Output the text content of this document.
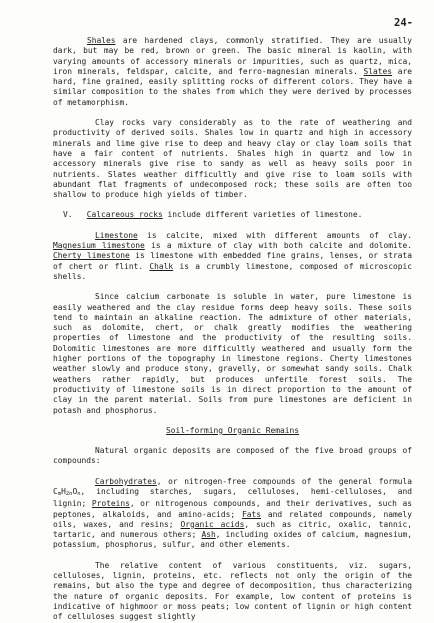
24-

Shales are hardened clays, commonly stratified. They are usually dark, but may be red, brown or green. The basic mineral is kaolin, with varying amounts of accessory minerals or impurities, such as quartz, mica, iron minerals, feldspar, calcite, and ferro-magnesian minerals. Slates are hard, fine grained, easily splitting rocks of different colors. They have a similar composition to the shales from which they were derived by processes of metamorphism.

Clay rocks vary considerably as to the rate of weathering and productivity of derived soils. Shales low in quartz and high in accessory minerals and lime give rise to deep and heavy clay or clay loam soils that have a fair content of nutrients. Shales high in quartz and low in accessory minerals give rise to sandy as well as heavy soils poor in nutrients. Slates weather difficultly and give rise to loam soils with abundant flat fragments of undecomposed rock; these soils are often too shallow to produce high yields of timber.

V. Calcareous rocks include different varieties of limestone.

Limestone is calcite, mixed with different amounts of clay. Magnesium limestone is a mixture of clay with both calcite and dolomite. Cherty limestone is limestone with embedded fine grains, lenses, or strata of chert or flint. Chalk is a crumbly limestone, composed of microscopic shells.

Since calcium carbonate is soluble in water, pure limestone is easily weathered and the clay residue forms deep heavy soils. These soils tend to maintain an alkaline reaction. The admixture of other materials, such as dolomite, chert, or chalk greatly modifies the weathering properties of limestone and the productivity of the resulting soils. Dolomitic limestones are more difficultly weathered and usually form the higher portions of the topography in limestone regions. Cherty limestones weather slowly and produce stony, gravelly, or somewhat sandy soils. Chalk weathers rather rapidly, but produces unfertile forest soils. The productivity of limestone soils is in direct proportion to the amount of clay in the parent material. Soils from pure limestones are deficient in potash and phosphorus.

Soil-forming Organic Remains

Natural organic deposits are composed of the five broad groups of compounds:

Carbohydrates, or nitrogen-free compounds of the general formula $C_mH_{2n}O_n$, including starches, sugars, celluloses, hemi-celluloses, and lignin; Proteins, or nitrogenous compounds, and their derivatives, such as peptones, alkaloids, and amino-acids; Fats and related compounds, namely oils, waxes, and resins; Organic acids, such as citric, oxalic, tannic, tartaric, and numerous others; Ash, including oxides of calcium, magnesium, potassium, phosphorus, sulfur, and other elements.

The relative content of various constituents, viz. sugars, celluloses, lignin, proteins, etc. reflects not only the origin of the remains, but also the type and degree of decomposition, thus characterizing the nature of organic deposits. For example, low content of proteins is indicative of highmoor or moss peats; low content of lignin or high content of celluloses suggest slightly
